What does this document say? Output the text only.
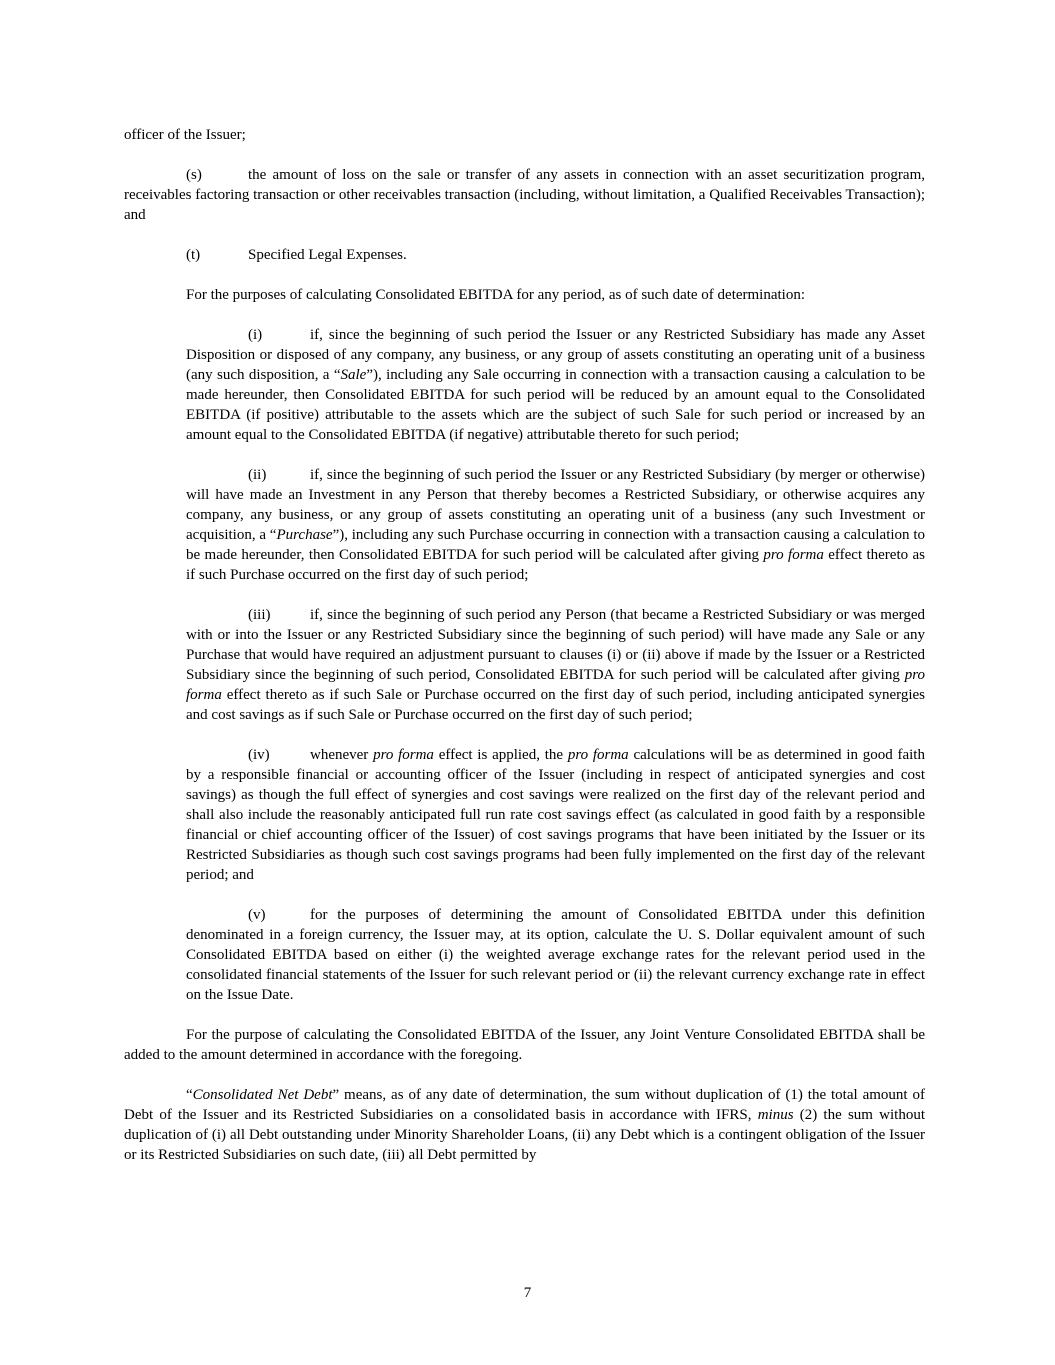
officer of the Issuer;

(s)	the amount of loss on the sale or transfer of any assets in connection with an asset securitization program, receivables factoring transaction or other receivables transaction (including, without limitation, a Qualified Receivables Transaction); and

(t)	Specified Legal Expenses.

For the purposes of calculating Consolidated EBITDA for any period, as of such date of determination:

(i)	if, since the beginning of such period the Issuer or any Restricted Subsidiary has made any Asset Disposition or disposed of any company, any business, or any group of assets constituting an operating unit of a business (any such disposition, a “Sale”), including any Sale occurring in connection with a transaction causing a calculation to be made hereunder, then Consolidated EBITDA for such period will be reduced by an amount equal to the Consolidated EBITDA (if positive) attributable to the assets which are the subject of such Sale for such period or increased by an amount equal to the Consolidated EBITDA (if negative) attributable thereto for such period;

(ii)	if, since the beginning of such period the Issuer or any Restricted Subsidiary (by merger or otherwise) will have made an Investment in any Person that thereby becomes a Restricted Subsidiary, or otherwise acquires any company, any business, or any group of assets constituting an operating unit of a business (any such Investment or acquisition, a “Purchase”), including any such Purchase occurring in connection with a transaction causing a calculation to be made hereunder, then Consolidated EBITDA for such period will be calculated after giving pro forma effect thereto as if such Purchase occurred on the first day of such period;

(iii)	if, since the beginning of such period any Person (that became a Restricted Subsidiary or was merged with or into the Issuer or any Restricted Subsidiary since the beginning of such period) will have made any Sale or any Purchase that would have required an adjustment pursuant to clauses (i) or (ii) above if made by the Issuer or a Restricted Subsidiary since the beginning of such period, Consolidated EBITDA for such period will be calculated after giving pro forma effect thereto as if such Sale or Purchase occurred on the first day of such period, including anticipated synergies and cost savings as if such Sale or Purchase occurred on the first day of such period;

(iv)	whenever pro forma effect is applied, the pro forma calculations will be as determined in good faith by a responsible financial or accounting officer of the Issuer (including in respect of anticipated synergies and cost savings) as though the full effect of synergies and cost savings were realized on the first day of the relevant period and shall also include the reasonably anticipated full run rate cost savings effect (as calculated in good faith by a responsible financial or chief accounting officer of the Issuer) of cost savings programs that have been initiated by the Issuer or its Restricted Subsidiaries as though such cost savings programs had been fully implemented on the first day of the relevant period; and

(v)	for the purposes of determining the amount of Consolidated EBITDA under this definition denominated in a foreign currency, the Issuer may, at its option, calculate the U. S. Dollar equivalent amount of such Consolidated EBITDA based on either (i) the weighted average exchange rates for the relevant period used in the consolidated financial statements of the Issuer for such relevant period or (ii) the relevant currency exchange rate in effect on the Issue Date.

For the purpose of calculating the Consolidated EBITDA of the Issuer, any Joint Venture Consolidated EBITDA shall be added to the amount determined in accordance with the foregoing.

“Consolidated Net Debt” means, as of any date of determination, the sum without duplication of (1) the total amount of Debt of the Issuer and its Restricted Subsidiaries on a consolidated basis in accordance with IFRS, minus (2) the sum without duplication of (i) all Debt outstanding under Minority Shareholder Loans, (ii) any Debt which is a contingent obligation of the Issuer or its Restricted Subsidiaries on such date, (iii) all Debt permitted by

7
